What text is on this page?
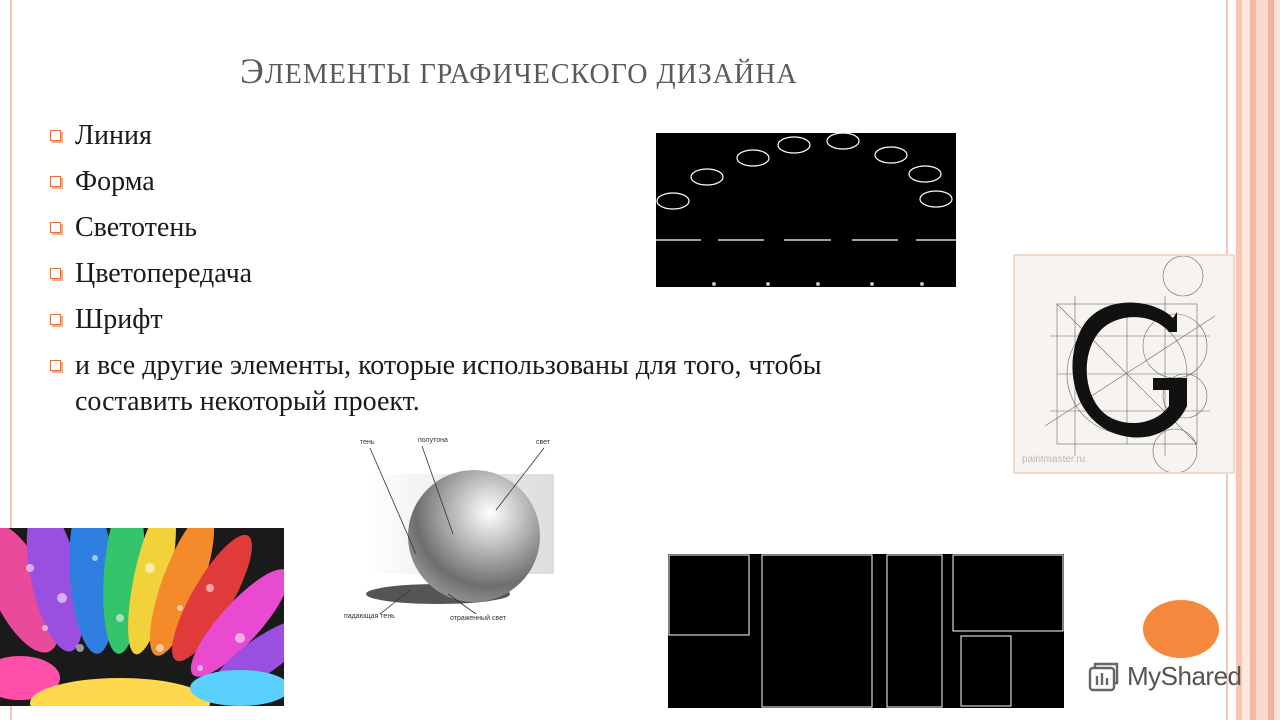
ЭЛЕМЕНТЫ ГРАФИЧЕСКОГО ДИЗАЙНА
Линия
Форма
Светотень
Цветопередача
Шрифт
и все другие элементы, которые использованы для того, чтобы составить некоторый проект.
paintmaster.ru
тень	полутона	свет
падающая тень	отраженный свет
MyShared
